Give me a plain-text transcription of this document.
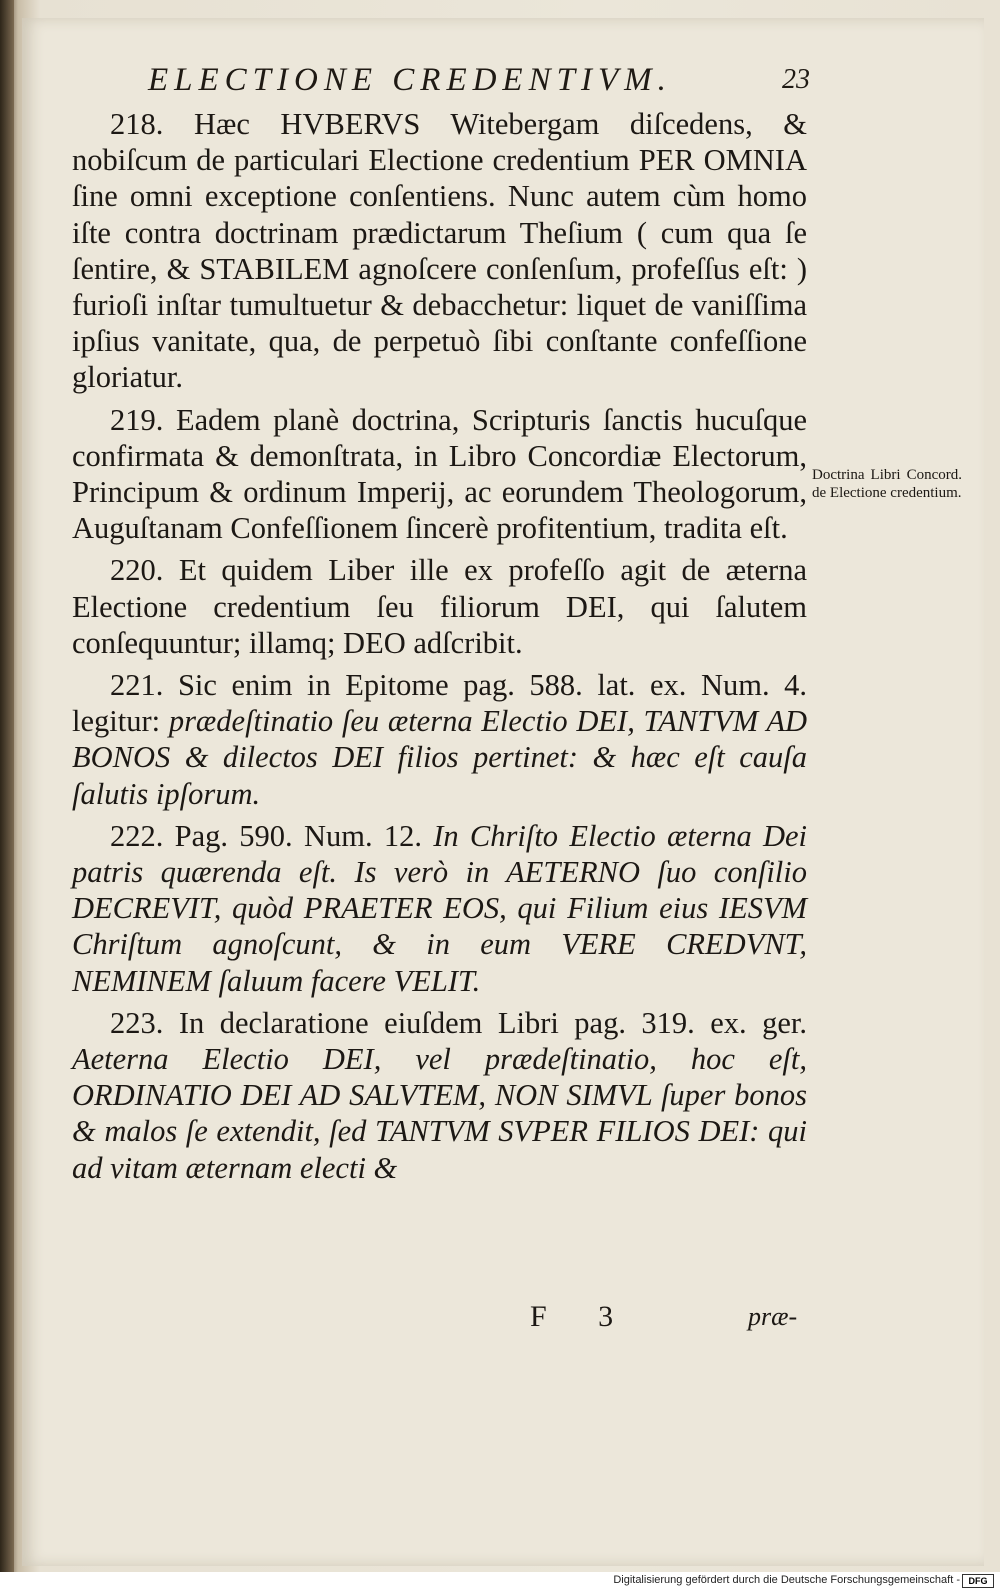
ELECTIONE CREDENTIVM.	23

218. Hæc HVBERVS Witebergam diſcedens, & nobiſcum de particulari Electione credentium PER OMNIA ſine omni exceptione conſentiens. Nunc autem cùm homo iſte contra doctrinam prædictarum Theſium ( cum qua ſe ſentire, & STABILEM agnoſcere conſenſum, profeſſus eſt: ) furioſi inſtar tumultuetur & debacchetur: liquet de vaniſſima ipſius vanitate, qua, de perpetuò ſibi conſtante confeſſione gloriatur.

219. Eadem planè doctrina, Scripturis ſanctis hucuſque confirmata & demonſtrata, in Libro Concordiæ Electorum, Principum & ordinum Imperij, ac eorundem Theologorum, Auguſtanam Confeſſionem ſincerè profitentium, tradita eſt.

220. Et quidem Liber ille ex profeſſo agit de æterna Electione credentium ſeu filiorum DEI, qui ſalutem conſequuntur; illamq; DEO adſcribit.

221. Sic enim in Epitome pag. 588. lat. ex. Num. 4. legitur: prædeſtinatio ſeu æterna Electio DEI, TANTVM AD BONOS & dilectos DEI filios pertinet: & hæc eſt cauſa ſalutis ipſorum.

222. Pag. 590. Num. 12. In Chriſto Electio æterna Dei patris quærenda eſt. Is verò in AETERNO ſuo conſilio DECREVIT, quòd PRAETER EOS, qui Filium eius IESVM Chriſtum agnoſcunt, & in eum VERE CREDVNT, NEMINEM ſaluum facere VELIT.

223. In declaratione eiuſdem Libri pag. 319. ex. ger. Aeterna Electio DEI, vel prædeſtinatio, hoc eſt, ORDINATIO DEI AD SALVTEM, NON SIMVL ſuper bonos & malos ſe extendit, ſed TANTVM SVPER FILIOS DEI: qui ad vitam æternam electi &

Doctrina Libri Concord. de Electione credentium.
F 3	præ-
Digitalisierung gefördert durch die Deutsche Forschungsgemeinschaft - DFG
